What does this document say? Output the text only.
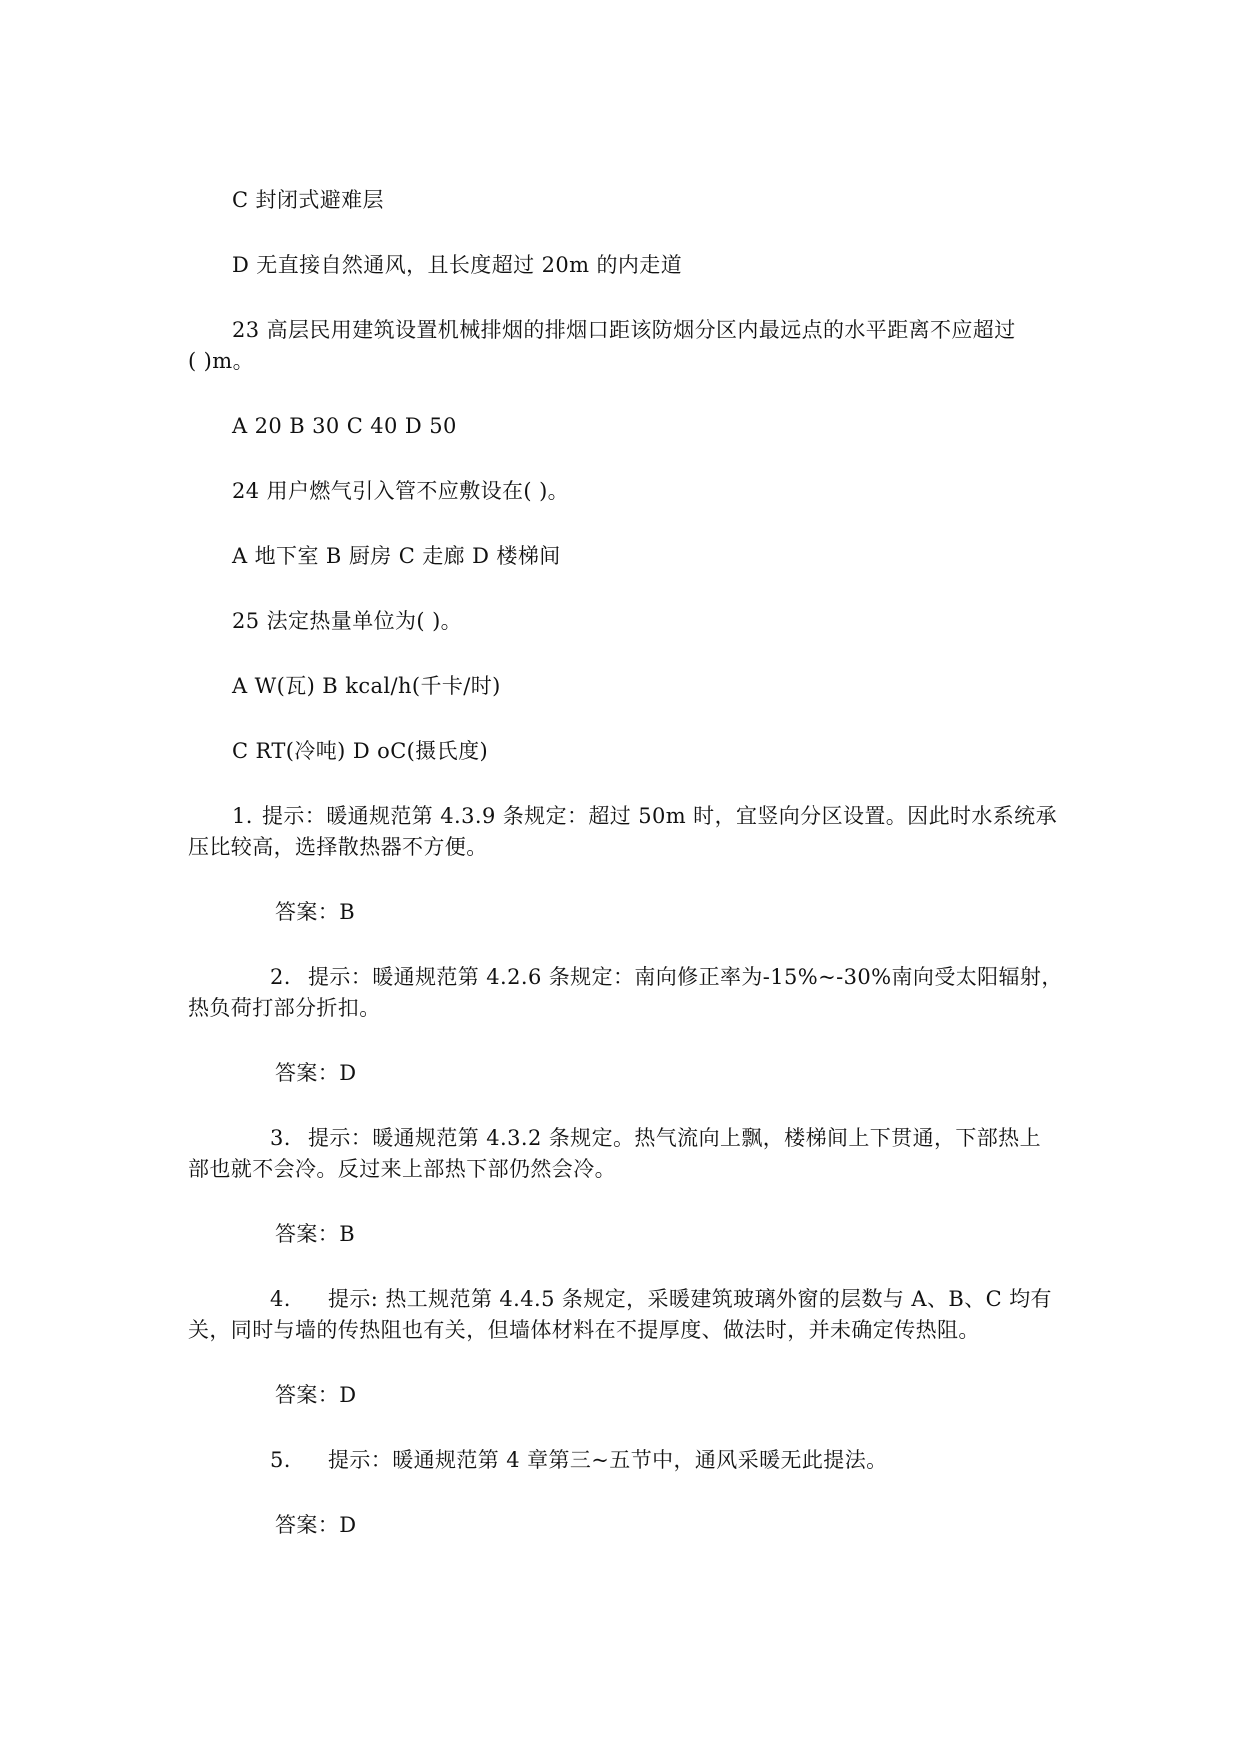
C 封闭式避难层
D 无直接自然通风，且长度超过 20m 的内走道
23 高层民用建筑设置机械排烟的排烟口距该防烟分区内最远点的水平距离不应超过
( )m。
A 20 B 30 C 40 D 50
24 用户燃气引入管不应敷设在( )。
A 地下室 B 厨房 C 走廊 D 楼梯间
25 法定热量单位为( )。
A W(瓦) B kcal/h(千卡/时)
C RT(冷吨) D oC(摄氏度)
1. 提示：暖通规范第 4.3.9 条规定：超过 50m 时，宜竖向分区设置。因此时水系统承
压比较高，选择散热器不方便。
答案：B
2. 提示：暖通规范第 4.2.6 条规定：南向修正率为-15%~-30%南向受太阳辐射，
热负荷打部分折扣。
答案：D
3. 提示：暖通规范第 4.3.2 条规定。热气流向上飘，楼梯间上下贯通，下部热上
部也就不会冷。反过来上部热下部仍然会冷。
答案：B
4. 提示: 热工规范第 4.4.5 条规定，采暖建筑玻璃外窗的层数与 A、B、C 均有
关，同时与墙的传热阻也有关，但墙体材料在不提厚度、做法时，并未确定传热阻。
答案：D
5. 提示：暖通规范第 4 章第三~五节中，通风采暖无此提法。
答案：D
